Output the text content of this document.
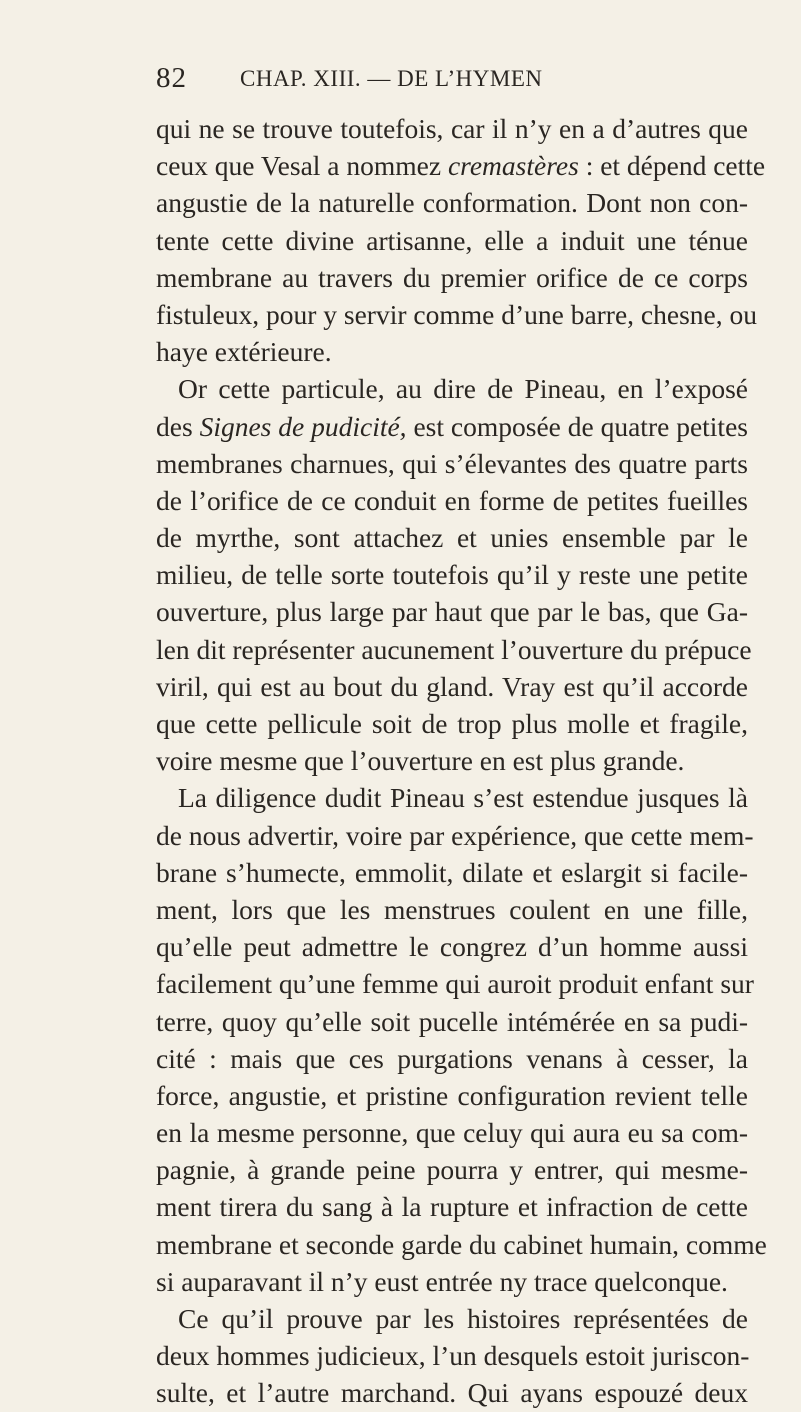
82 CHAP. XIII. — DE L’HYMEN
qui ne se trouve toutefois, car il n’y en a d’autres que
ceux que Vesal a nommez cremastères : et dépend cette
angustie de la naturelle conformation. Dont non con-
tente cette divine artisanne, elle a induit une ténue
membrane au travers du premier orifice de ce corps
fistuleux, pour y servir comme d’une barre, chesne, ou
haye extérieure.
Or cette particule, au dire de Pineau, en l’exposé
des Signes de pudicité, est composée de quatre petites
membranes charnues, qui s’élevantes des quatre parts
de l’orifice de ce conduit en forme de petites fueilles
de myrthe, sont attachez et unies ensemble par le
milieu, de telle sorte toutefois qu’il y reste une petite
ouverture, plus large par haut que par le bas, que Ga-
len dit représenter aucunement l’ouverture du prépuce
viril, qui est au bout du gland. Vray est qu’il accorde
que cette pellicule soit de trop plus molle et fragile,
voire mesme que l’ouverture en est plus grande.
La diligence dudit Pineau s’est estendue jusques là
de nous advertir, voire par expérience, que cette mem-
brane s’humecte, emmolit, dilate et eslargit si facile-
ment, lors que les menstrues coulent en une fille,
qu’elle peut admettre le congrez d’un homme aussi
facilement qu’une femme qui auroit produit enfant sur
terre, quoy qu’elle soit pucelle intémérée en sa pudi-
cité : mais que ces purgations venans à cesser, la
force, angustie, et pristine configuration revient telle
en la mesme personne, que celuy qui aura eu sa com-
pagnie, à grande peine pourra y entrer, qui mesme-
ment tirera du sang à la rupture et infraction de cette
membrane et seconde garde du cabinet humain, comme
si auparavant il n’y eust entrée ny trace quelconque.
Ce qu’il prouve par les histoires représentées de
deux hommes judicieux, l’un desquels estoit juriscon-
sulte, et l’autre marchand. Qui ayans espouzé deux
